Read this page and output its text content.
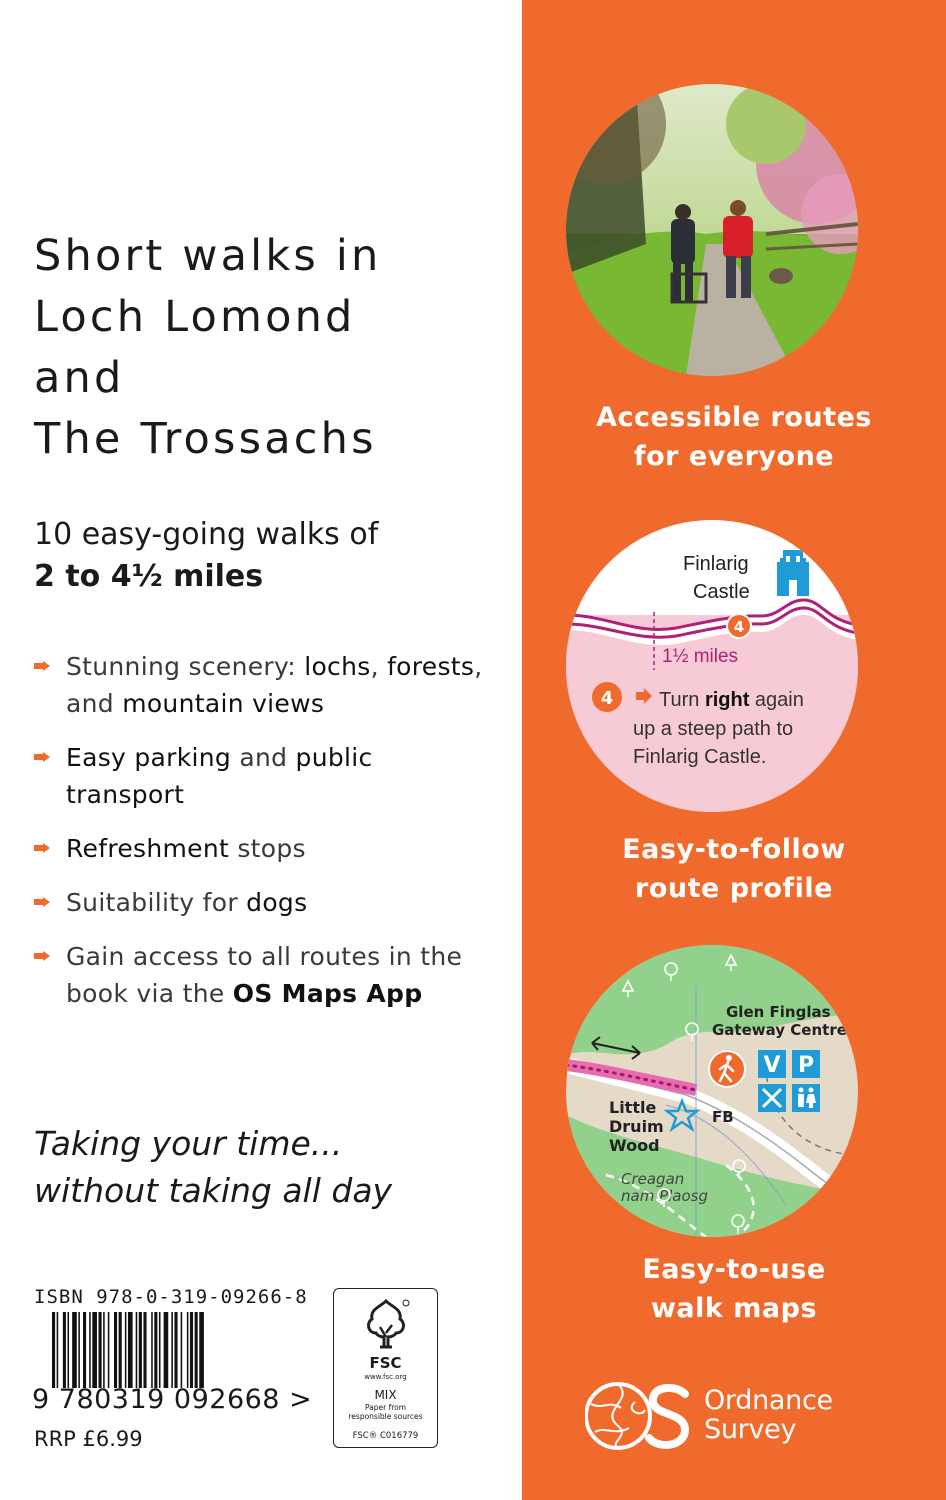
Short walks in
Loch Lomond
and
The Trossachs
10 easy-going walks of
2 to 4½ miles
Stunning scenery: lochs, forests,
and mountain views
Easy parking and public
transport
Refreshment stops
Suitability for dogs
Gain access to all routes in the
book via the OS Maps App
Taking your time...
without taking all day
ISBN 978-0-319-09266-8
9 780319 092668 >
RRP £6.99
FSC
www.fsc.org
MIX
Paper from
responsible sources
FSC® C016779
Accessible routes
for everyone
Finlarig
Castle
4
1½ miles
4 Turn right again
up a steep path to
Finlarig Castle.
Easy-to-follow
route profile
Glen Finglas
Gateway Centre
V P
Little
Druim
Wood
FB
Creagan
nam Plaosg
Easy-to-use
walk maps
Ordnance
Survey
